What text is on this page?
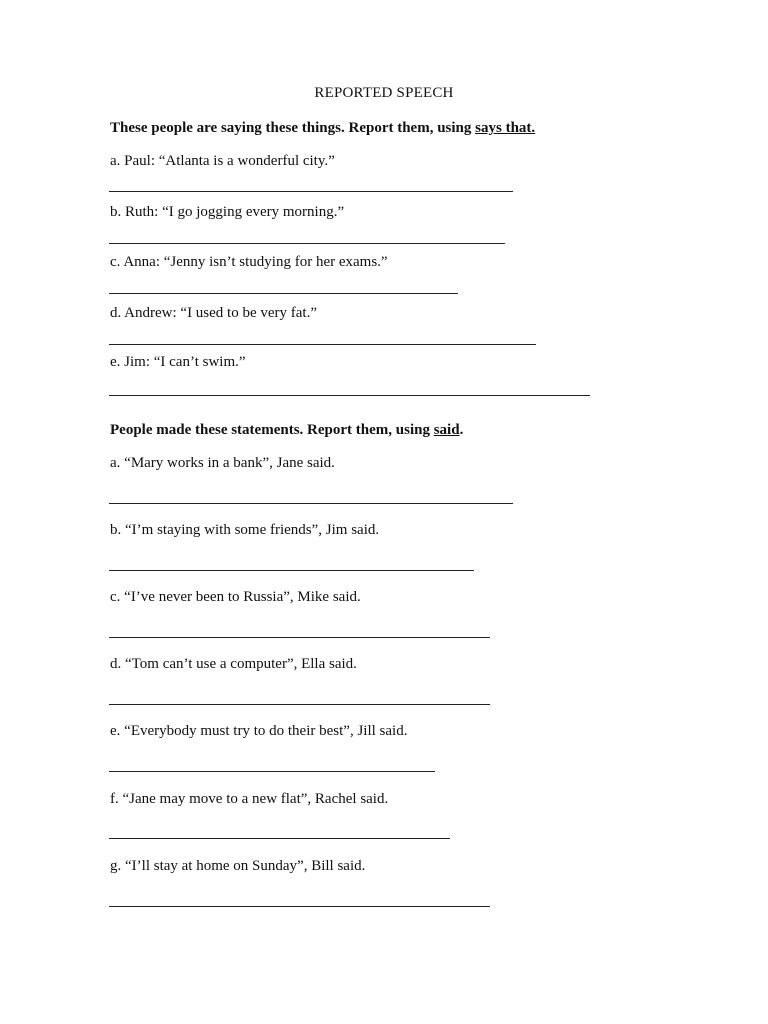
REPORTED SPEECH
These people are saying these things. Report them, using says that.
a. Paul: “Atlanta is a wonderful city.”
b. Ruth: “I go jogging every morning.”
c. Anna: “Jenny isn’t studying for her exams.”
d. Andrew: “I used to be very fat.”
e. Jim: “I can’t swim.”
People made these statements. Report them, using said.
a. “Mary works in a bank”, Jane said.
b. “I’m staying with some friends”, Jim said.
c. “I’ve never been to Russia”, Mike said.
d. “Tom can’t use a computer”, Ella said.
e. “Everybody must try to do their best”, Jill said.
f. “Jane may move to a new flat”, Rachel said.
g. “I’ll stay at home on Sunday”, Bill said.
